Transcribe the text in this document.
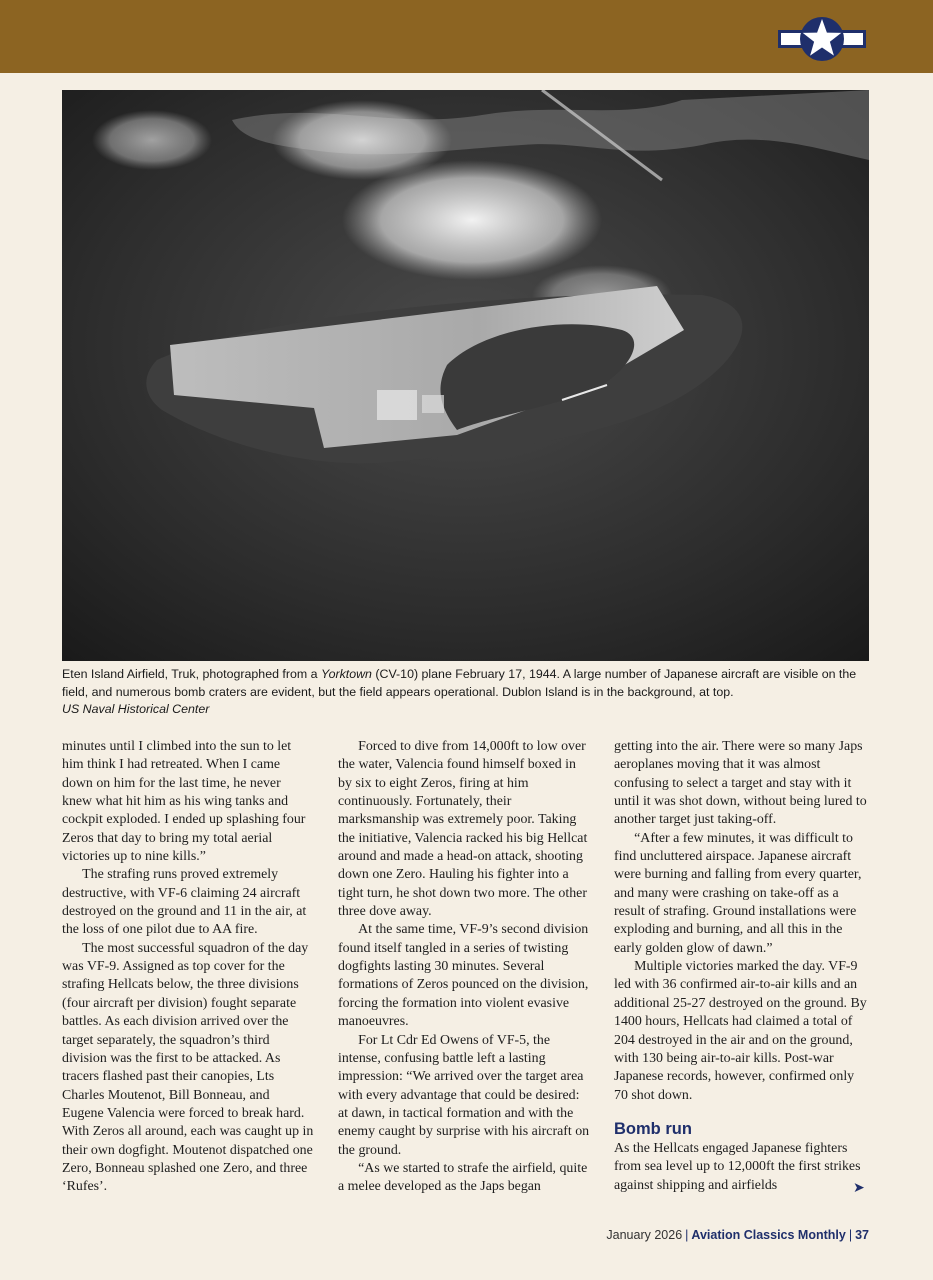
Eten Island Airfield, Truk, photographed from a Yorktown (CV-10) plane February 17, 1944. A large number of Japanese aircraft are visible on the field, and numerous bomb craters are evident, but the field appears operational. Dublon Island is in the background, at top.
US Naval Historical Center

minutes until I climbed into the sun to let him think I had retreated. When I came down on him for the last time, he never knew what hit him as his wing tanks and cockpit exploded. I ended up splashing four Zeros that day to bring my total aerial victories up to nine kills.”

The strafing runs proved extremely destructive, with VF-6 claiming 24 aircraft destroyed on the ground and 11 in the air, at the loss of one pilot due to AA fire.

The most successful squadron of the day was VF-9. Assigned as top cover for the strafing Hellcats below, the three divisions (four aircraft per division) fought separate battles. As each division arrived over the target separately, the squadron’s third division was the first to be attacked. As tracers flashed past their canopies, Lts Charles Moutenot, Bill Bonneau, and Eugene Valencia were forced to break hard. With Zeros all around, each was caught up in their own dogfight. Moutenot dispatched one Zero, Bonneau splashed one Zero, and three ‘Rufes’.

Forced to dive from 14,000ft to low over the water, Valencia found himself boxed in by six to eight Zeros, firing at him continuously. Fortunately, their marksmanship was extremely poor. Taking the initiative, Valencia racked his big Hellcat around and made a head-on attack, shooting down one Zero. Hauling his fighter into a tight turn, he shot down two more. The other three dove away.

At the same time, VF-9’s second division found itself tangled in a series of twisting dogfights lasting 30 minutes. Several formations of Zeros pounced on the division, forcing the formation into violent evasive manoeuvres.

For Lt Cdr Ed Owens of VF-5, the intense, confusing battle left a lasting impression: “We arrived over the target area with every advantage that could be desired: at dawn, in tactical formation and with the enemy caught by surprise with his aircraft on the ground.

“As we started to strafe the airfield, quite a melee developed as the Japs began

getting into the air. There were so many Japs aeroplanes moving that it was almost confusing to select a target and stay with it until it was shot down, without being lured to another target just taking-off.

“After a few minutes, it was difficult to find uncluttered airspace. Japanese aircraft were burning and falling from every quarter, and many were crashing on take-off as a result of strafing. Ground installations were exploding and burning, and all this in the early golden glow of dawn.”

Multiple victories marked the day. VF-9 led with 36 confirmed air-to-air kills and an additional 25-27 destroyed on the ground. By 1400 hours, Hellcats had claimed a total of 204 destroyed in the air and on the ground, with 130 being air-to-air kills. Post-war Japanese records, however, confirmed only 70 shot down.

Bomb run

As the Hellcats engaged Japanese fighters from sea level up to 12,000ft the first strikes against shipping and airfields	➤
January 2026 | Aviation Classics Monthly | 37
